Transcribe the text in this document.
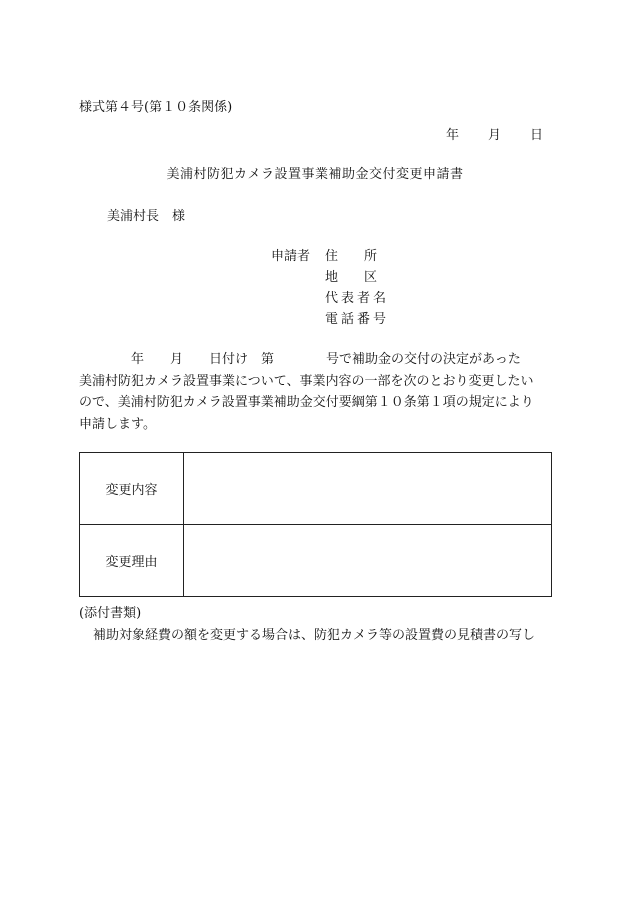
様式第４号(第１０条関係)
年 月 日
美浦村防犯カメラ設置事業補助金交付変更申請書
美浦村長　様
申請者 住　　所
地　　区
代表者名
電話番号
　　　　年　　月　　日付け　第　　　　号で補助金の交付の決定があった
美浦村防犯カメラ設置事業について、事業内容の一部を次のとおり変更したい
ので、美浦村防犯カメラ設置事業補助金交付要綱第１０条第１項の規定により
申請します。
変更内容	
変更理由	
(添付書類)
補助対象経費の額を変更する場合は、防犯カメラ等の設置費の見積書の写し
